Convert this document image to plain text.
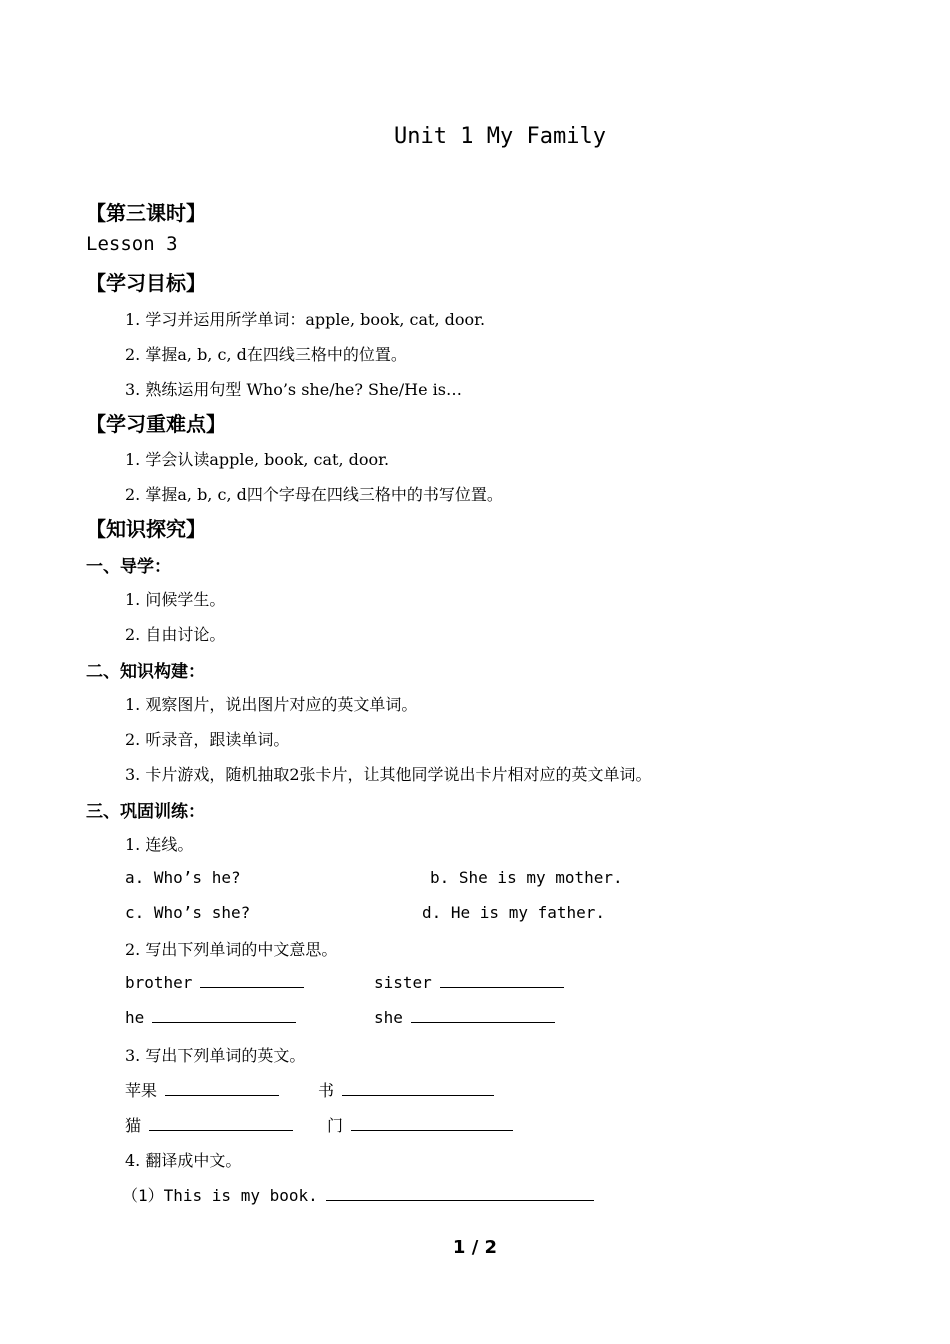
Unit 1 My Family
【第三课时】
Lesson 3
【学习目标】
1. 学习并运用所学单词：apple, book, cat, door.
2. 掌握a, b, c, d在四线三格中的位置。
3. 熟练运用句型 Who’s she/he? She/He is…
【学习重难点】
1. 学会认读apple, book, cat, door.
2. 掌握a, b, c, d四个字母在四线三格中的书写位置。
【知识探究】
一、导学：
1. 问候学生。
2. 自由讨论。
二、知识构建：
1. 观察图片，说出图片对应的英文单词。
2. 听录音，跟读单词。
3. 卡片游戏，随机抽取2张卡片，让其他同学说出卡片相对应的英文单词。
三、巩固训练：
1. 连线。
a. Who’s he?	b. She is my mother.
c. Who’s she?	d. He is my father.
2. 写出下列单词的中文意思。
brother	sister
he	she
3. 写出下列单词的英文。
苹果	书
猫	门
4. 翻译成中文。
（1）This is my book.
1 / 2
